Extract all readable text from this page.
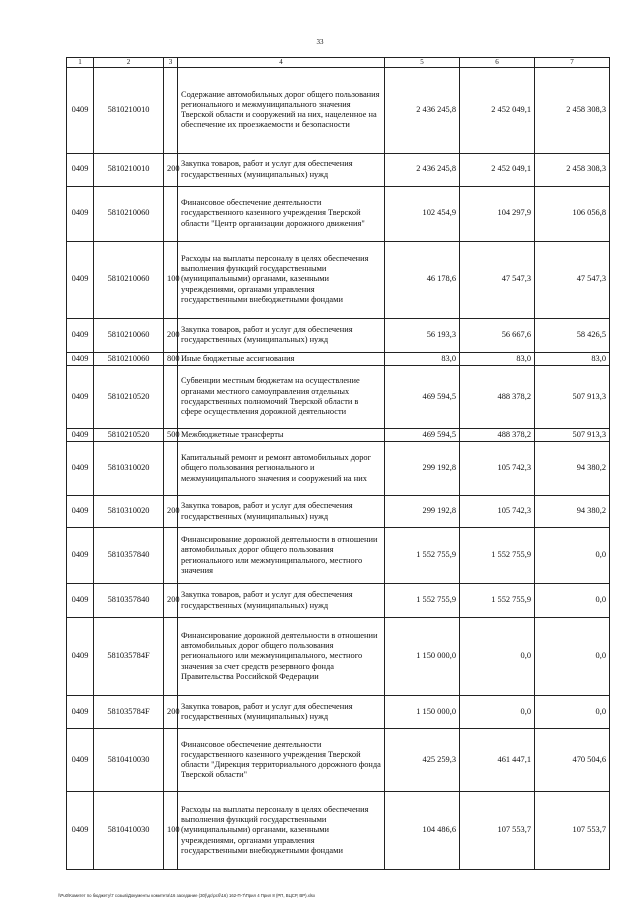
33
1	2	3	4	5	6	7
0409	5810210010		Содержание автомобильных дорог общего пользования регионального и межмуниципального значения Тверской области и сооружений на них, нацеленное на обеспечение их проезжаемости и безопасности	2 436 245,8	2 452 049,1	2 458 308,3
0409	5810210010	200	Закупка товаров, работ и услуг для обеспечения государственных (муниципальных) нужд	2 436 245,8	2 452 049,1	2 458 308,3
0409	5810210060		Финансовое обеспечение деятельности государственного казенного учреждения Тверской области "Центр организации дорожного движения"	102 454,9	104 297,9	106 056,8
0409	5810210060	100	Расходы на выплаты персоналу в целях обеспечения выполнения функций государственными (муниципальными) органами, казенными учреждениями, органами управления государственными внебюджетными фондами	46 178,6	47 547,3	47 547,3
0409	5810210060	200	Закупка товаров, работ и услуг для обеспечения государственных (муниципальных) нужд	56 193,3	56 667,6	58 426,5
0409	5810210060	800	Иные бюджетные ассигнования	83,0	83,0	83,0
0409	5810210520		Субвенции местным бюджетам на осуществление органами местного самоуправления отдельных государственных полномочий Тверской области в сфере осуществления дорожной деятельности	469 594,5	488 378,2	507 913,3
0409	5810210520	500	Межбюджетные трансферты	469 594,5	488 378,2	507 913,3
0409	5810310020		Капитальный ремонт и ремонт автомобильных дорог общего пользования регионального и межмуниципального значения и сооружений на них	299 192,8	105 742,3	94 380,2
0409	5810310020	200	Закупка товаров, работ и услуг для обеспечения государственных (муниципальных) нужд	299 192,8	105 742,3	94 380,2
0409	5810357840		Финансирование дорожной деятельности в отношении автомобильных дорог общего пользования регионального или межмуниципального, местного значения	1 552 755,9	1 552 755,9	0,0
0409	5810357840	200	Закупка товаров, работ и услуг для обеспечения государственных (муниципальных) нужд	1 552 755,9	1 552 755,9	0,0
0409	581035784F		Финансирование дорожной деятельности в отношении автомобильных дорог общего пользования регионального или межмуниципального, местного значения за счет средств резервного фонда Правительства Российской Федерации	1 150 000,0	0,0	0,0
0409	581035784F	200	Закупка товаров, работ и услуг для обеспечения государственных (муниципальных) нужд	1 150 000,0	0,0	0,0
0409	5810410030		Финансовое обеспечение деятельности государственного казенного учреждения Тверской области "Дирекция территориального дорожного фонда Тверской области"	425 259,3	461 447,1	470 504,6
0409	5810410030	100	Расходы на выплаты персоналу в целях обеспечения выполнения функций государственными (муниципальными) органами, казенными учреждениями, органами управления государственными внебюджетными фондами	104 486,6	107 553,7	107 553,7
\\Pu0\Комитет по бюджету\7 созыв\Документы комитета\16 заседание (30)\дс\рсб\16) 162-П-7\Прил 4 Прил 8 (РП, ВЦСР, ВР).xlsx
